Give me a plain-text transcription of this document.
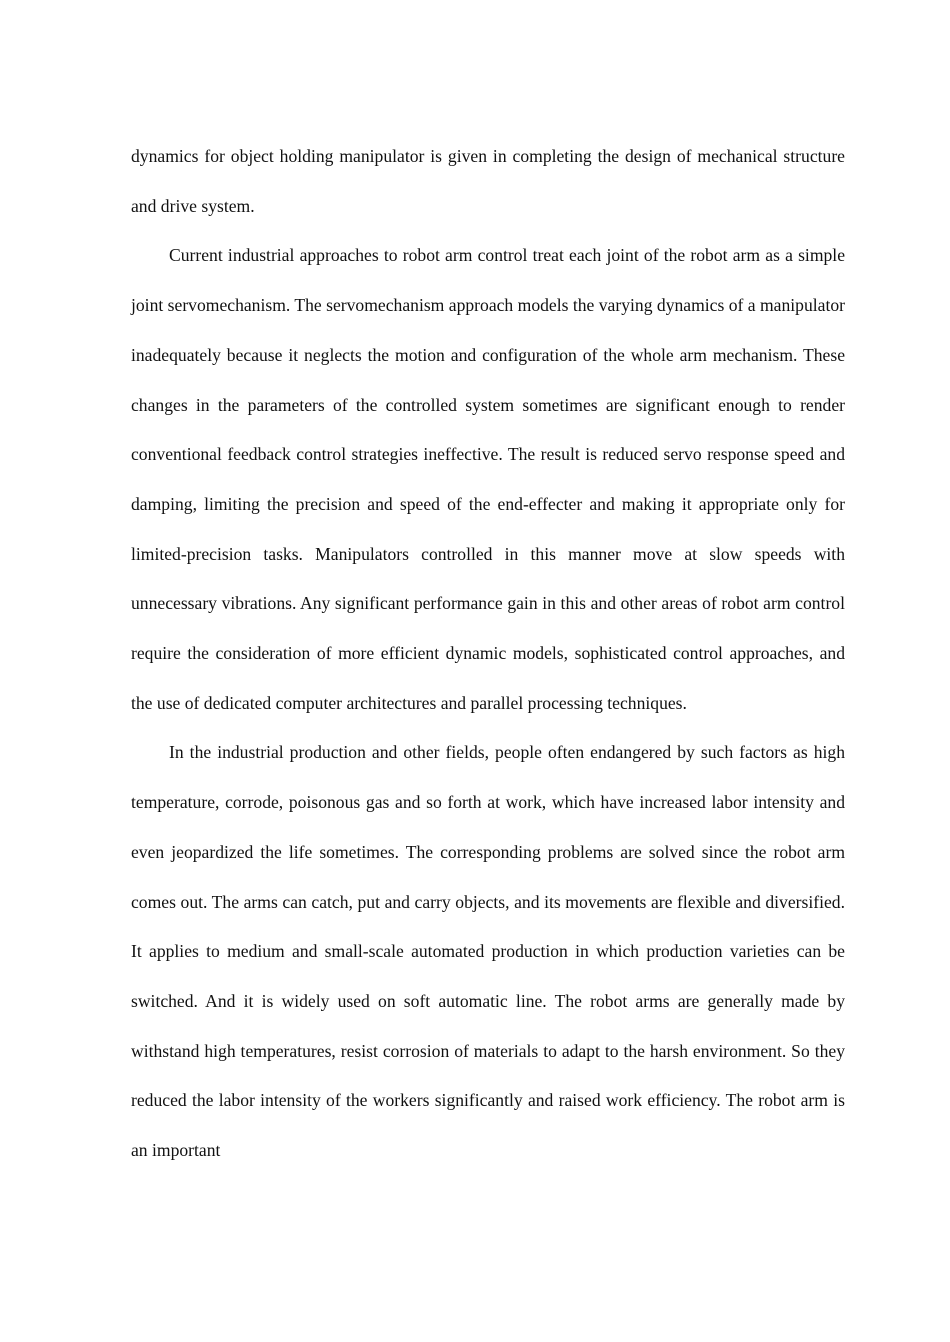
dynamics for object holding manipulator is given in completing the design of mechanical structure and drive system.

Current industrial approaches to robot arm control treat each joint of the robot arm as a simple joint servomechanism. The servomechanism approach models the varying dynamics of a manipulator inadequately because it neglects the motion and configuration of the whole arm mechanism. These changes in the parameters of the controlled system sometimes are significant enough to render conventional feedback control strategies ineffective. The result is reduced servo response speed and damping, limiting the precision and speed of the end-effecter and making it appropriate only for limited-precision tasks. Manipulators controlled in this manner move at slow speeds with unnecessary vibrations. Any significant performance gain in this and other areas of robot arm control require the consideration of more efficient dynamic models, sophisticated control approaches, and the use of dedicated computer architectures and parallel processing techniques.

In the industrial production and other fields, people often endangered by such factors as high temperature, corrode, poisonous gas and so forth at work, which have increased labor intensity and even jeopardized the life sometimes. The corresponding problems are solved since the robot arm comes out. The arms can catch, put and carry objects, and its movements are flexible and diversified. It applies to medium and small-scale automated production in which production varieties can be switched. And it is widely used on soft automatic line. The robot arms are generally made by withstand high temperatures, resist corrosion of materials to adapt to the harsh environment. So they reduced the labor intensity of the workers significantly and raised work efficiency. The robot arm is an important
